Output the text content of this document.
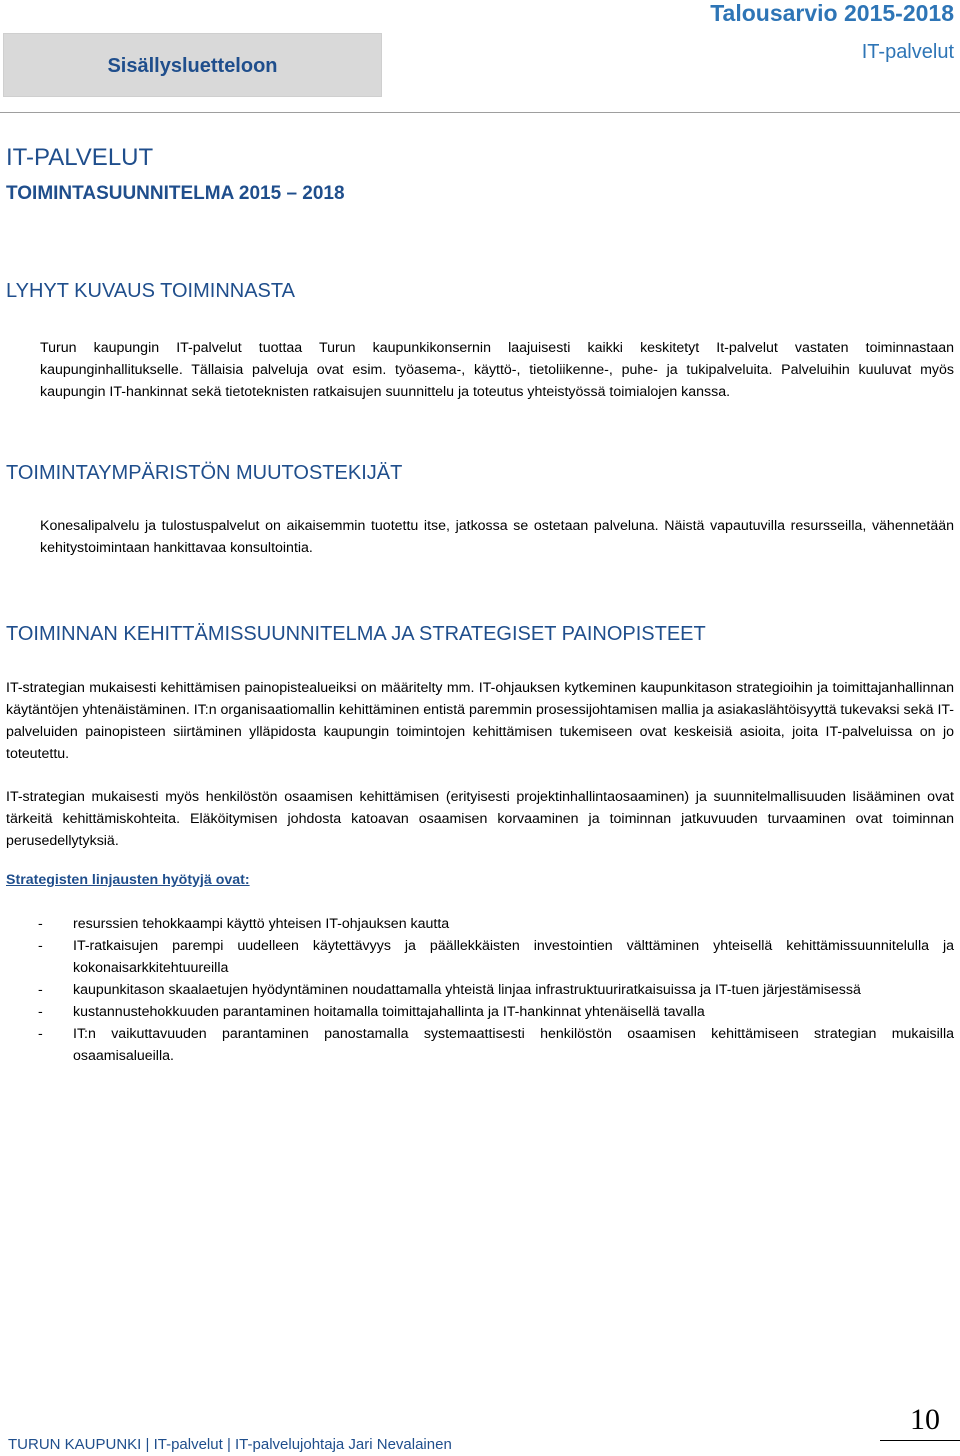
Sisällysluetteloon
Talousarvio 2015-2018
IT-palvelut
IT-PALVELUT
TOIMINTASUUNNITELMA 2015 – 2018
LYHYT KUVAUS TOIMINNASTA

Turun kaupungin IT-palvelut tuottaa Turun kaupunkikonsernin laajuisesti kaikki keskitetyt It-palvelut vastaten toiminnastaan kaupunginhallitukselle. Tällaisia palveluja ovat esim. työasema-, käyttö-, tietoliikenne-, puhe- ja tukipalveluita. Palveluihin kuuluvat myös kaupungin IT-hankinnat sekä tietoteknisten ratkaisujen suunnittelu ja toteutus yhteistyössä toimialojen kanssa.

TOIMINTAYMPÄRISTÖN MUUTOSTEKIJÄT

Konesalipalvelu ja tulostuspalvelut on aikaisemmin tuotettu itse, jatkossa se ostetaan palveluna. Näistä vapautuvilla resursseilla, vähennetään kehitystoimintaan hankittavaa konsultointia.

TOIMINNAN KEHITTÄMISSUUNNITELMA JA STRATEGISET PAINOPISTEET

IT-strategian mukaisesti kehittämisen painopistealueiksi on määritelty mm. IT-ohjauksen kytkeminen kaupunkitason strategioihin ja toimittajanhallinnan käytäntöjen yhtenäistäminen. IT:n organisaatiomallin kehittäminen entistä paremmin prosessijohtamisen mallia ja asiakaslähtöisyyttä tukevaksi sekä IT-palveluiden painopisteen siirtäminen ylläpidosta kaupungin toimintojen kehittämisen tukemiseen ovat keskeisiä asioita, joita IT-palveluissa on jo toteutettu.

IT-strategian mukaisesti myös henkilöstön osaamisen kehittämisen (erityisesti projektinhallintaosaaminen) ja suunnitelmallisuuden lisääminen ovat tärkeitä kehittämiskohteita. Eläköitymisen johdosta katoavan osaamisen korvaaminen ja toiminnan jatkuvuuden turvaaminen ovat toiminnan perusedellytyksiä.

Strategisten linjausten hyötyjä ovat:

- resurssien tehokkaampi käyttö yhteisen IT-ohjauksen kautta
- IT-ratkaisujen parempi uudelleen käytettävyys ja päällekkäisten investointien välttäminen yhteisellä kehittämissuunnitelulla ja kokonaisarkkitehtuureilla
- kaupunkitason skaalaetujen hyödyntäminen noudattamalla yhteistä linjaa infrastruktuuriratkaisuissa ja IT-tuen järjestämisessä
- kustannustehokkuuden parantaminen hoitamalla toimittajahallinta ja IT-hankinnat yhtenäisellä tavalla
- IT:n vaikuttavuuden parantaminen panostamalla systemaattisesti henkilöstön osaamisen kehittämiseen strategian mukaisilla osaamisalueilla.
10
TURUN KAUPUNKI | IT-palvelut | IT-palvelujohtaja Jari Nevalainen
